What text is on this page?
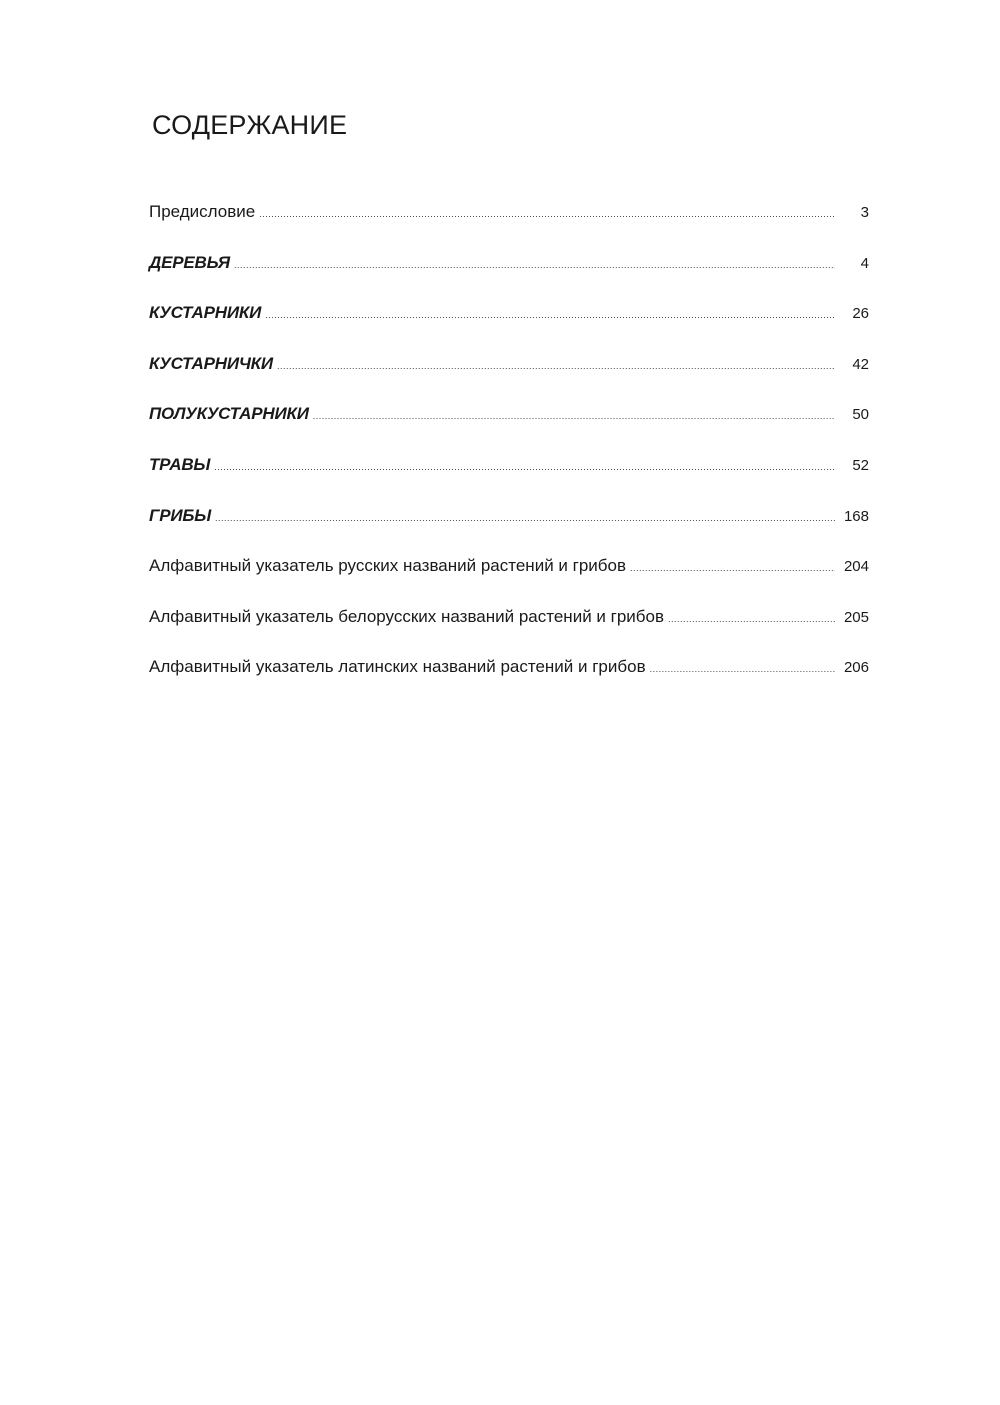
СОДЕРЖАНИЕ
Предисловие .....	3
ДЕРЕВЬЯ .....	4
КУСТАРНИКИ .....	26
КУСТАРНИЧКИ .....	42
ПОЛУКУСТАРНИКИ .....	50
ТРАВЫ .....	52
ГРИБЫ .....	168
Алфавитный указатель русских названий растений и грибов .....	204
Алфавитный указатель белорусских названий растений и грибов .....	205
Алфавитный указатель латинских названий растений и грибов .....	206
